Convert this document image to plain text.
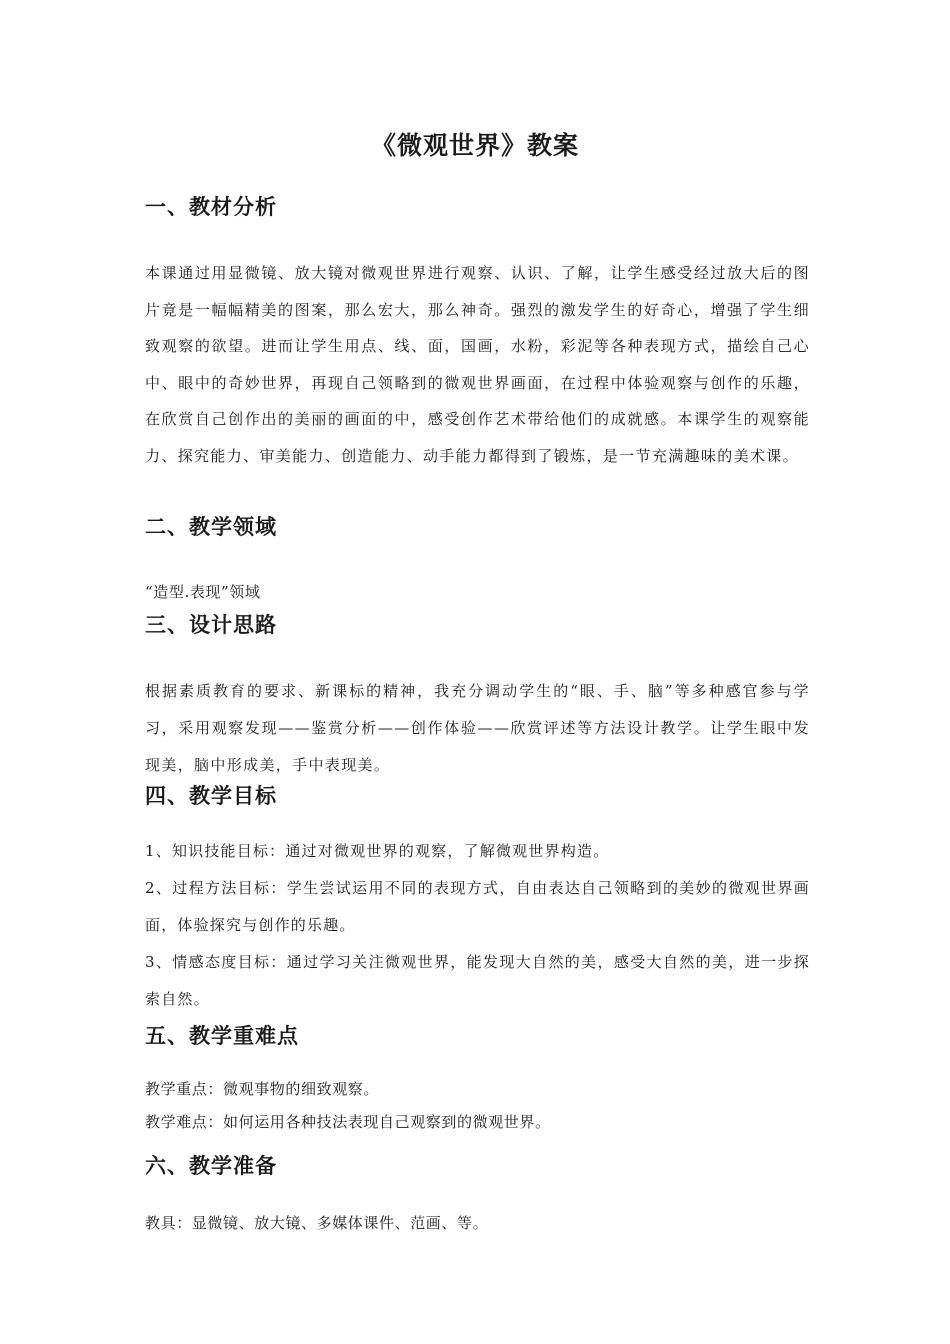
《微观世界》教案
一、教材分析

本课通过用显微镜、放大镜对微观世界进行观察、认识、了解，让学生感受经过放大后的图片竟是一幅幅精美的图案，那么宏大，那么神奇。强烈的激发学生的好奇心，增强了学生细致观察的欲望。进而让学生用点、线、面，国画，水粉，彩泥等各种表现方式，描绘自己心中、眼中的奇妙世界，再现自己领略到的微观世界画面，在过程中体验观察与创作的乐趣，在欣赏自己创作出的美丽的画面的中，感受创作艺术带给他们的成就感。本课学生的观察能力、探究能力、审美能力、创造能力、动手能力都得到了锻炼，是一节充满趣味的美术课。

二、教学领域

“造型.表现”领域

三、设计思路

根据素质教育的要求、新课标的精神，我充分调动学生的“眼、手、脑”等多种感官参与学习，采用观察发现——鉴赏分析——创作体验——欣赏评述等方法设计教学。让学生眼中发现美，脑中形成美，手中表现美。

四、教学目标

1、知识技能目标：通过对微观世界的观察，了解微观世界构造。

2、过程方法目标：学生尝试运用不同的表现方式，自由表达自己领略到的美妙的微观世界画面，体验探究与创作的乐趣。

3、情感态度目标：通过学习关注微观世界，能发现大自然的美，感受大自然的美，进一步探索自然。

五、教学重难点

教学重点：微观事物的细致观察。

教学难点：如何运用各种技法表现自己观察到的微观世界。

六、教学准备

教具：显微镜、放大镜、多媒体课件、范画、等。
